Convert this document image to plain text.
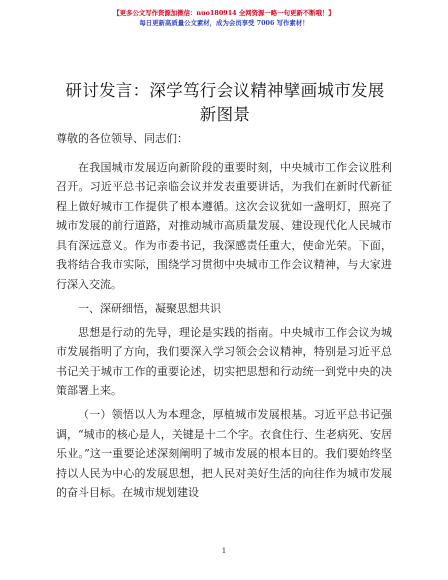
【更多公文写作资源加微信：nuo180914 全网资源一略一句更新不断哦！】
每日更新高质量公文素材，成为会员享受 7006 写作素材！
研讨发言：深学笃行会议精神擘画城市发展新图景

尊敬的各位领导、同志们：

在我国城市发展迈向新阶段的重要时刻，中央城市工作会议胜利召开。习近平总书记亲临会议并发表重要讲话，为我们在新时代新征程上做好城市工作提供了根本遵循。这次会议犹如一盏明灯，照亮了城市发展的前行道路，对推动城市高质量发展、建设现代化人民城市具有深远意义。作为市委书记，我深感责任重大，使命光荣。下面，我将结合我市实际，围绕学习贯彻中央城市工作会议精神，与大家进行深入交流。

一、深研细悟，凝聚思想共识

思想是行动的先导，理论是实践的指南。中央城市工作会议为城市发展指明了方向，我们要深入学习领会会议精神，特别是习近平总书记关于城市工作的重要论述，切实把思想和行动统一到党中央的决策部署上来。

（一）领悟以人为本理念，厚植城市发展根基。习近平总书记强调，“城市的核心是人，关键是十二个字。衣食住行、生老病死、安居乐业。”这一重要论述深刻阐明了城市发展的根本目的。我们要始终坚持以人民为中心的发展思想，把人民对美好生活的向往作为城市发展的奋斗目标。在城市规划建设

1
